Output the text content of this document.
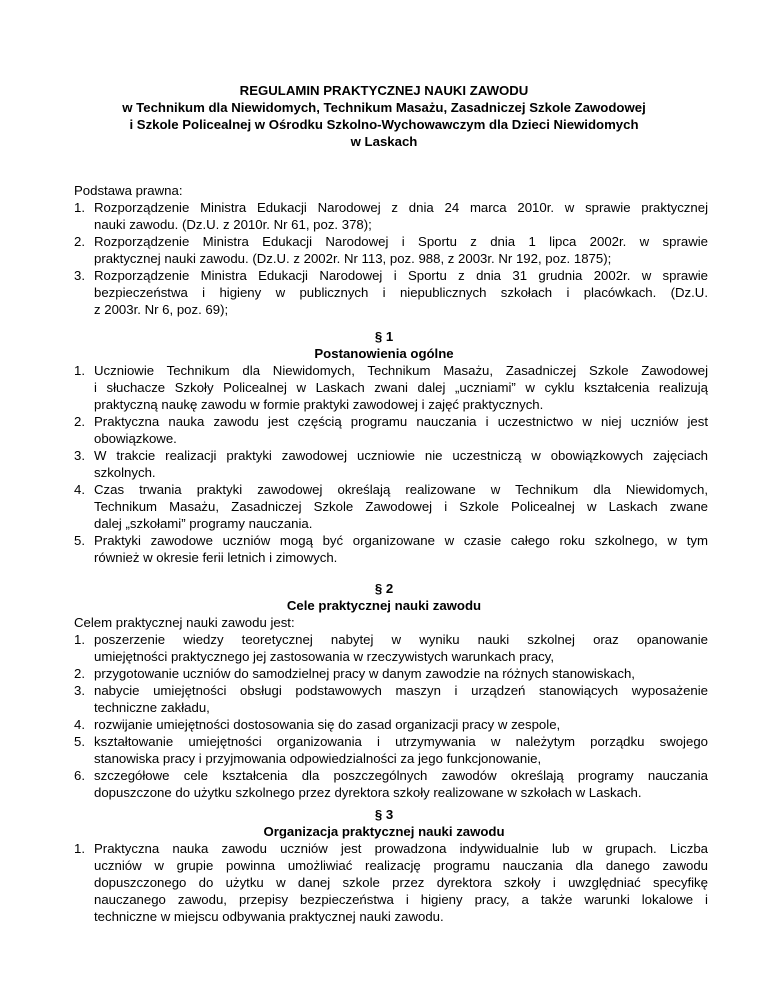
REGULAMIN PRAKTYCZNEJ NAUKI ZAWODU
w Technikum dla Niewidomych, Technikum Masażu, Zasadniczej Szkole Zawodowej
i Szkole Policealnej w Ośrodku Szkolno-Wychowawczym dla Dzieci Niewidomych
w Laskach
Podstawa prawna:
1. Rozporządzenie Ministra Edukacji Narodowej z dnia 24 marca 2010r. w sprawie praktycznej
nauki zawodu. (Dz.U. z 2010r. Nr 61, poz. 378);
2. Rozporządzenie Ministra Edukacji Narodowej i Sportu z dnia 1 lipca 2002r. w sprawie
praktycznej nauki zawodu. (Dz.U. z 2002r. Nr 113, poz. 988, z 2003r. Nr 192, poz. 1875);
3. Rozporządzenie Ministra Edukacji Narodowej i Sportu z dnia 31 grudnia 2002r. w sprawie
bezpieczeństwa i higieny w publicznych i niepublicznych szkołach i placówkach. (Dz.U.
z 2003r. Nr 6, poz. 69);
§ 1
Postanowienia ogólne
1. Uczniowie Technikum dla Niewidomych, Technikum Masażu, Zasadniczej Szkole Zawodowej
i słuchacze Szkoły Policealnej w Laskach zwani dalej „uczniami” w cyklu kształcenia realizują
praktyczną naukę zawodu w formie praktyki zawodowej i zajęć praktycznych.
2. Praktyczna nauka zawodu jest częścią programu nauczania i uczestnictwo w niej uczniów jest
obowiązkowe.
3. W trakcie realizacji praktyki zawodowej uczniowie nie uczestniczą w obowiązkowych zajęciach
szkolnych.
4. Czas trwania praktyki zawodowej określają realizowane w Technikum dla Niewidomych,
Technikum Masażu, Zasadniczej Szkole Zawodowej i Szkole Policealnej w Laskach zwane
dalej „szkołami” programy nauczania.
5. Praktyki zawodowe uczniów mogą być organizowane w czasie całego roku szkolnego, w tym
również w okresie ferii letnich i zimowych.
§ 2
Cele praktycznej nauki zawodu
Celem praktycznej nauki zawodu jest:
1. poszerzenie wiedzy teoretycznej nabytej w wyniku nauki szkolnej oraz opanowanie
umiejętności praktycznego jej zastosowania w rzeczywistych warunkach pracy,
2. przygotowanie uczniów do samodzielnej pracy w danym zawodzie na różnych stanowiskach,
3. nabycie umiejętności obsługi podstawowych maszyn i urządzeń stanowiących wyposażenie
techniczne zakładu,
4. rozwijanie umiejętności dostosowania się do zasad organizacji pracy w zespole,
5. kształtowanie umiejętności organizowania i utrzymywania w należytym porządku swojego
stanowiska pracy i przyjmowania odpowiedzialności za jego funkcjonowanie,
6. szczegółowe cele kształcenia dla poszczególnych zawodów określają programy nauczania
dopuszczone do użytku szkolnego przez dyrektora szkoły realizowane w szkołach w Laskach.
§ 3
Organizacja praktycznej nauki zawodu
1. Praktyczna nauka zawodu uczniów jest prowadzona indywidualnie lub w grupach. Liczba
uczniów w grupie powinna umożliwiać realizację programu nauczania dla danego zawodu
dopuszczonego do użytku w danej szkole przez dyrektora szkoły i uwzględniać specyfikę
nauczanego zawodu, przepisy bezpieczeństwa i higieny pracy, a także warunki lokalowe i
techniczne w miejscu odbywania praktycznej nauki zawodu.
